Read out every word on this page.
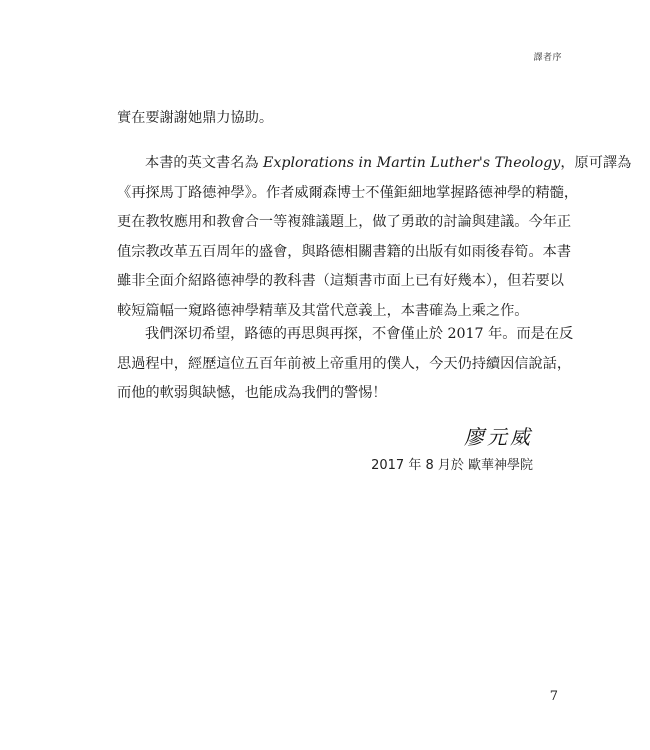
譯者序
實在要謝謝她鼎力協助。
本書的英文書名為 Explorations in Martin Luther's Theology，原可譯為
《再探馬丁路德神學》。作者威爾森博士不僅鉅細地掌握路德神學的精髓，
更在教牧應用和教會合一等複雜議題上，做了勇敢的討論與建議。今年正
值宗教改革五百周年的盛會，與路德相關書籍的出版有如雨後春筍。本書
雖非全面介紹路德神學的教科書（這類書市面上已有好幾本），但若要以
較短篇幅一窺路德神學精華及其當代意義上，本書確為上乘之作。
我們深切希望，路德的再思與再探，不會僅止於 2017 年。而是在反
思過程中，經歷這位五百年前被上帝重用的僕人，今天仍持續因信說話，
而他的軟弱與缺憾，也能成為我們的警惕！
廖元威
2017 年 8 月於 歐華神學院
7
